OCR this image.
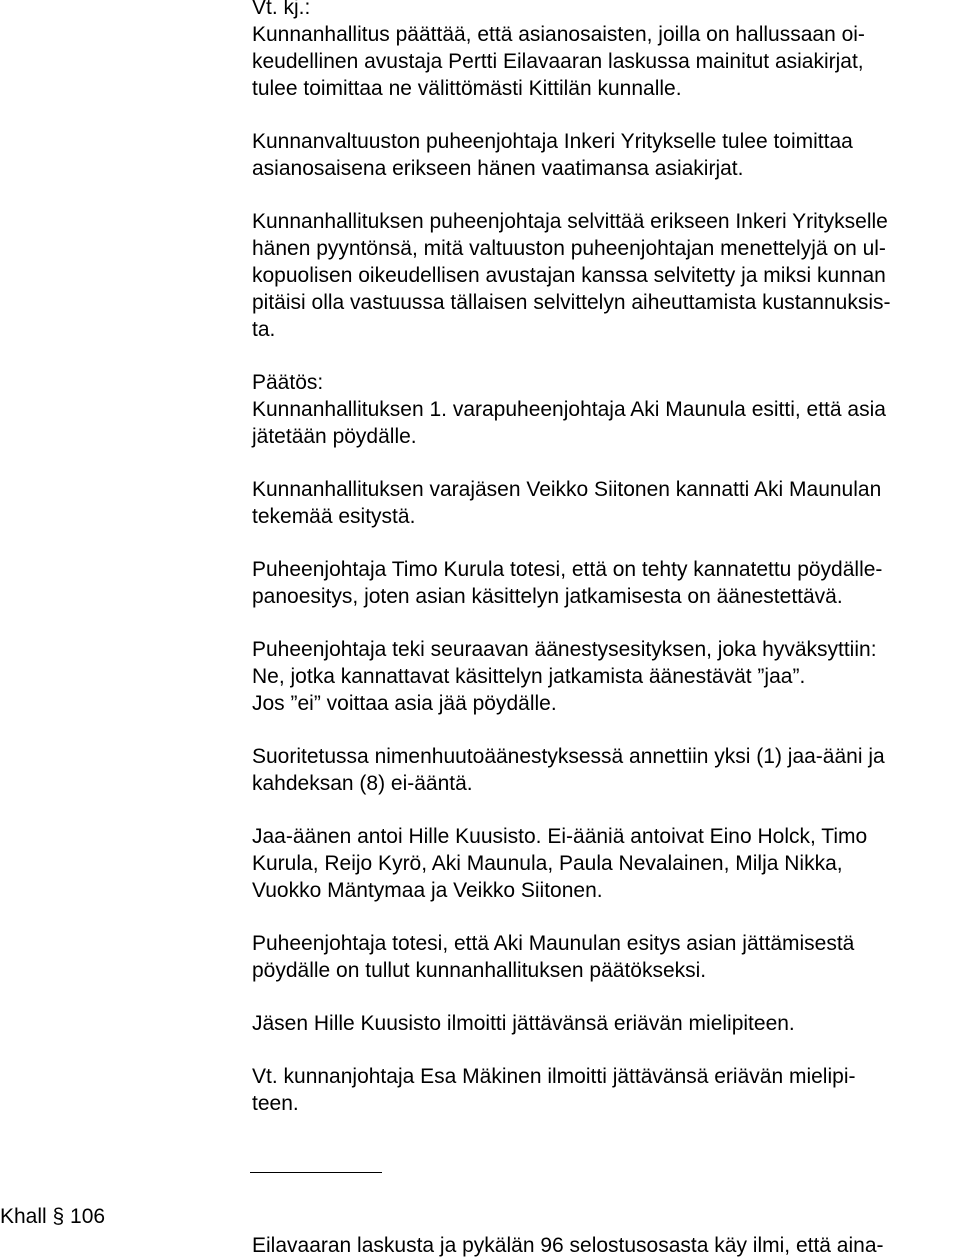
Vt. kj.:
Kunnanhallitus päättää, että asianosaisten, joilla on hallussaan oi-
keudellinen avustaja Pertti Eilavaaran laskussa mainitut asiakirjat,
tulee toimittaa ne välittömästi Kittilän kunnalle.

Kunnanvaltuuston puheenjohtaja Inkeri Yritykselle tulee toimittaa
asianosaisena erikseen hänen vaatimansa asiakirjat.

Kunnanhallituksen puheenjohtaja selvittää erikseen Inkeri Yritykselle
hänen pyyntönsä, mitä valtuuston puheenjohtajan menettelyjä on ul-
kopuolisen oikeudellisen avustajan kanssa selvitetty ja miksi kunnan
pitäisi olla vastuussa tällaisen selvittelyn aiheuttamista kustannuksis-
ta.

Päätös:
Kunnanhallituksen 1. varapuheenjohtaja Aki Maunula esitti, että asia
jätetään pöydälle.

Kunnanhallituksen varajäsen Veikko Siitonen kannatti Aki Maunulan
tekemää esitystä.

Puheenjohtaja Timo Kurula totesi, että on tehty kannatettu pöydälle-
panoesitys, joten asian käsittelyn jatkamisesta on äänestettävä.

Puheenjohtaja teki seuraavan äänestysesityksen, joka hyväksyttiin:
Ne, jotka kannattavat käsittelyn jatkamista äänestävät ”jaa”.
Jos ”ei” voittaa asia jää pöydälle.

Suoritetussa nimenhuutoäänestyksessä annettiin yksi (1) jaa-ääni ja
kahdeksan (8) ei-ääntä.

Jaa-äänen antoi Hille Kuusisto. Ei-ääniä antoivat Eino Holck, Timo
Kurula, Reijo Kyrö, Aki Maunula, Paula Nevalainen, Milja Nikka,
Vuokko Mäntymaa ja Veikko Siitonen.

Puheenjohtaja totesi, että Aki Maunulan esitys asian jättämisestä
pöydälle on tullut kunnanhallituksen päätökseksi.

Jäsen Hille Kuusisto ilmoitti jättävänsä eriävän mielipiteen.

Vt. kunnanjohtaja Esa Mäkinen ilmoitti jättävänsä eriävän mielipi-
teen.

Khall § 106
Eilavaaran laskusta ja pykälän 96 selostusosasta käy ilmi, että aina-
